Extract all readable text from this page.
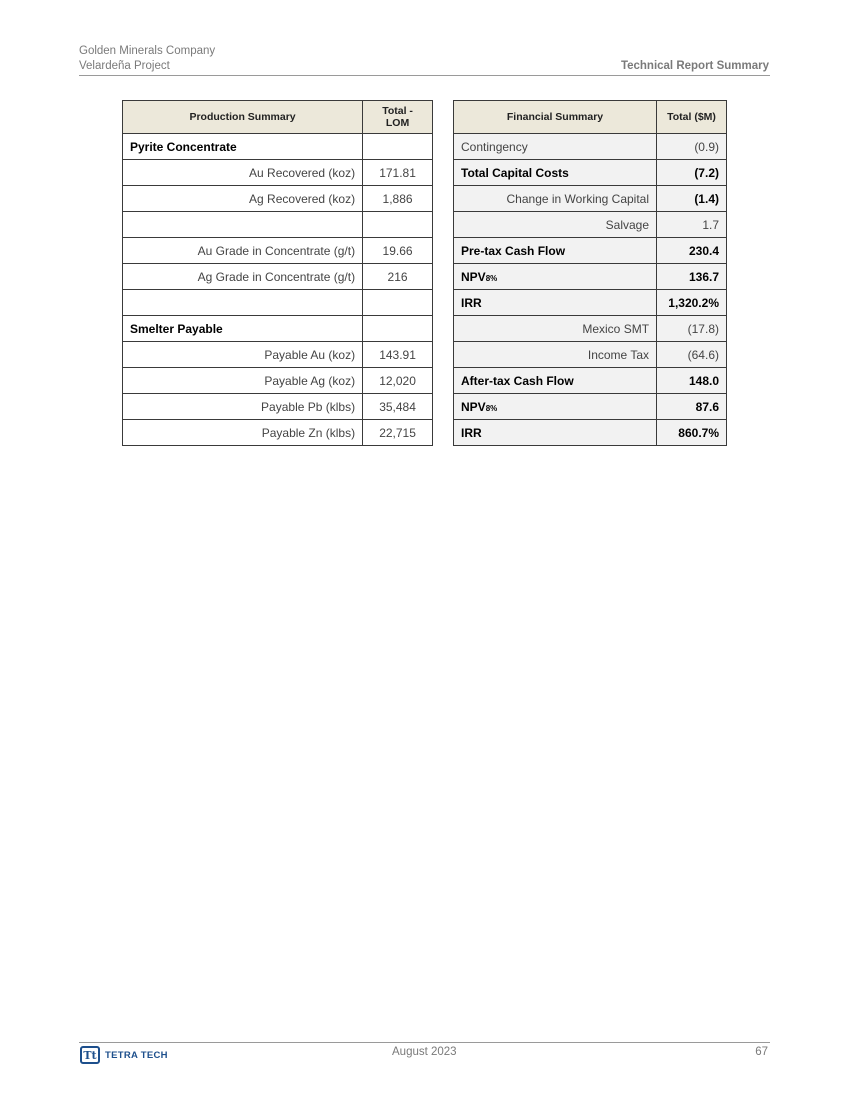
Golden Minerals Company
Velardeña Project	Technical Report Summary
Production Summary	Total - LOM
Pyrite Concentrate	
Au Recovered (koz)	171.81
Ag Recovered (koz)	1,886

Au Grade in Concentrate (g/t)	19.66
Ag Grade in Concentrate (g/t)	216

Smelter Payable	
Payable Au (koz)	143.91
Payable Ag (koz)	12,020
Payable Pb (klbs)	35,484
Payable Zn (klbs)	22,715
Financial Summary	Total ($M)
Contingency	(0.9)
Total Capital Costs	(7.2)
Change in Working Capital	(1.4)
Salvage	1.7
Pre-tax Cash Flow	230.4
NPV8%	136.7
IRR	1,320.2%
Mexico SMT	(17.8)
Income Tax	(64.6)
After-tax Cash Flow	148.0
NPV8%	87.6
IRR	860.7%
Tt TETRA TECH	August 2023	67
